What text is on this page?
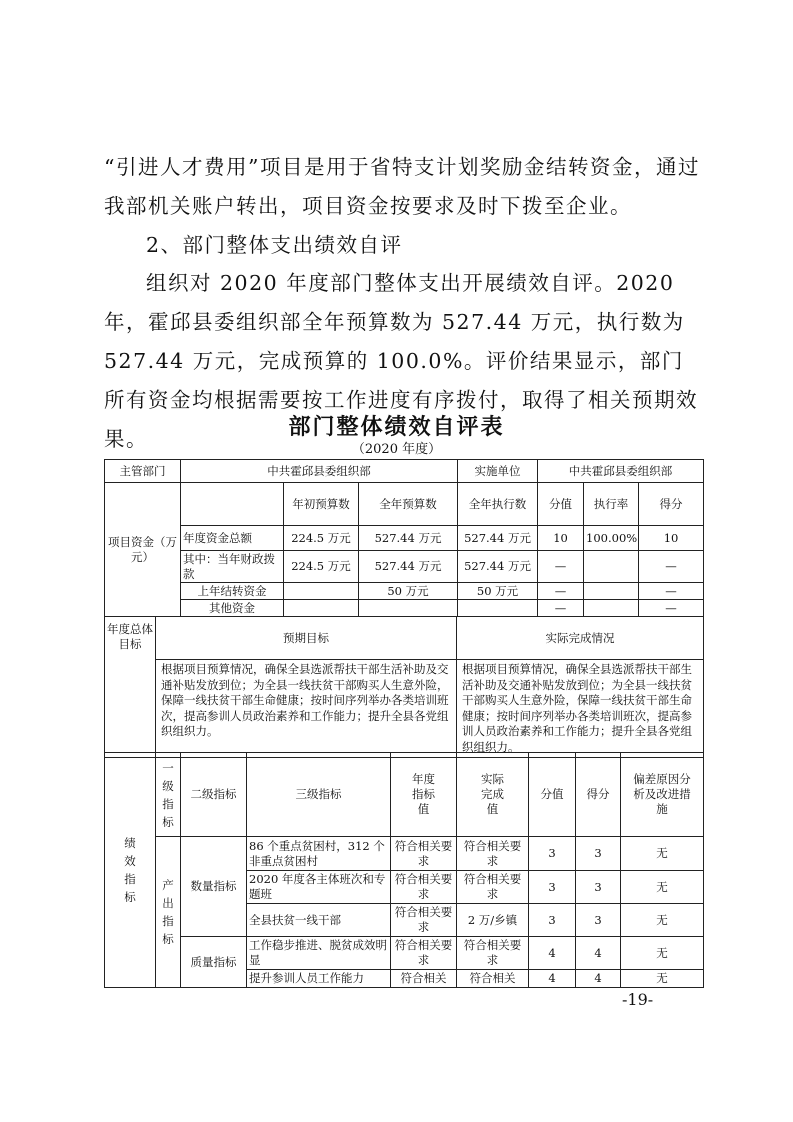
“引进人才费用”项目是用于省特支计划奖励金结转资金，通过我部机关账户转出，项目资金按要求及时下拨至企业。
2、部门整体支出绩效自评
组织对 2020 年度部门整体支出开展绩效自评。2020 年，霍邱县委组织部全年预算数为 527.44 万元，执行数为 527.44 万元，完成预算的 100.0%。评价结果显示，部门所有资金均根据需要按工作进度有序拨付，取得了相关预期效果。	部门整体绩效自评表
（2020 年度）
主管部门	中共霍邱县委组织部			实施单位	中共霍邱县委组织部		
项目资金（万元）		年初预算数	全年预算数	全年执行数	分值	执行率	得分
	年度资金总额	224.5 万元	527.44 万元	527.44 万元	10	100.00%	10
	其中：当年财政拨款	224.5 万元	527.44 万元	527.44 万元	—		—
	上年结转资金		50 万元	50 万元	—		—
	其他资金				—		—
年度总体目标	预期目标	实际完成情况
	根据项目预算情况，确保全县选派帮扶干部生活补助及交通补贴发放到位；为全县一线扶贫干部购买人生意外险，保障一线扶贫干部生命健康；按时间序列举办各类培训班次，提高参训人员政治素养和工作能力；提升全县各党组织组织力。	根据项目预算情况，确保全县选派帮扶干部生活补助及交通补贴发放到位；为全县一线扶贫干部购买人生意外险，保障一线扶贫干部生命健康；按时间序列举办各类培训班次，提高参训人员政治素养和工作能力；提升全县各党组织组织力。
绩效指标	一级指标	二级指标	三级指标	年度指标值	实际完成值	分值	得分	偏差原因分析及改进措施

	产出指标	数量指标	86 个重点贫困村，312 个非重点贫困村	符合相关要求	符合相关要求	3	3	无
			2020 年度各主体班次和专题班	符合相关要求	符合相关要求	3	3	无
			全县扶贫一线干部	符合相关要求	2 万/乡镇	3	3	无
		质量指标	工作稳步推进、脱贫成效明显	符合相关要求	符合相关要求	4	4	无
			提升参训人员工作能力	符合相关	符合相关	4	4	无
-19-
